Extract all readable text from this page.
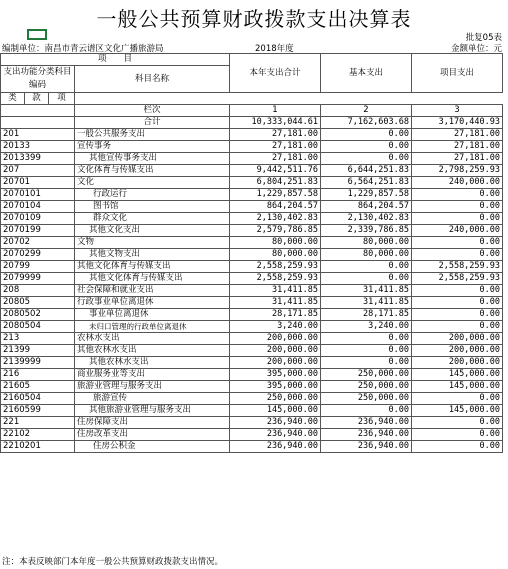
一般公共预算财政拨款支出决算表
批复05表
编制单位：南昌市青云谱区文化广播旅游局	2018年度	金额单位：元
项　　目				本年支出合计	基本支出	项目支出
支出功能分类科目编码			科目名称			

类	款	项			

			栏次	1	2	3
			合计	10,333,044.61	7,162,603.68	3,170,440.93
201			一般公共服务支出	27,181.00	0.00	27,181.00
20133			宣传事务	27,181.00	0.00	27,181.00
2013399			其他宣传事务支出	27,181.00	0.00	27,181.00
207			文化体育与传媒支出	9,442,511.76	6,644,251.83	2,798,259.93
20701			文化	6,804,251.83	6,564,251.83	240,000.00
2070101			行政运行	1,229,857.58	1,229,857.58	0.00
2070104			图书馆	864,204.57	864,204.57	0.00
2070109			群众文化	2,130,402.83	2,130,402.83	0.00
2070199			其他文化支出	2,579,786.85	2,339,786.85	240,000.00
20702			文物	80,000.00	80,000.00	0.00
2070299			其他文物支出	80,000.00	80,000.00	0.00
20799			其他文化体育与传媒支出	2,558,259.93	0.00	2,558,259.93
2079999			其他文化体育与传媒支出	2,558,259.93	0.00	2,558,259.93
208			社会保障和就业支出	31,411.85	31,411.85	0.00
20805			行政事业单位离退休	31,411.85	31,411.85	0.00
2080502			事业单位离退休	28,171.85	28,171.85	0.00
2080504			未归口管理的行政单位离退休	3,240.00	3,240.00	0.00
213			农林水支出	200,000.00	0.00	200,000.00
21399			其他农林水支出	200,000.00	0.00	200,000.00
2139999			其他农林水支出	200,000.00	0.00	200,000.00
216			商业服务业等支出	395,000.00	250,000.00	145,000.00
21605			旅游业管理与服务支出	395,000.00	250,000.00	145,000.00
2160504			旅游宣传	250,000.00	250,000.00	0.00
2160599			其他旅游业管理与服务支出	145,000.00	0.00	145,000.00
221			住房保障支出	236,940.00	236,940.00	0.00
22102			住房改革支出	236,940.00	236,940.00	0.00
2210201			住房公积金	236,940.00	236,940.00	0.00
注：本表反映部门本年度一般公共预算财政拨款支出情况。
